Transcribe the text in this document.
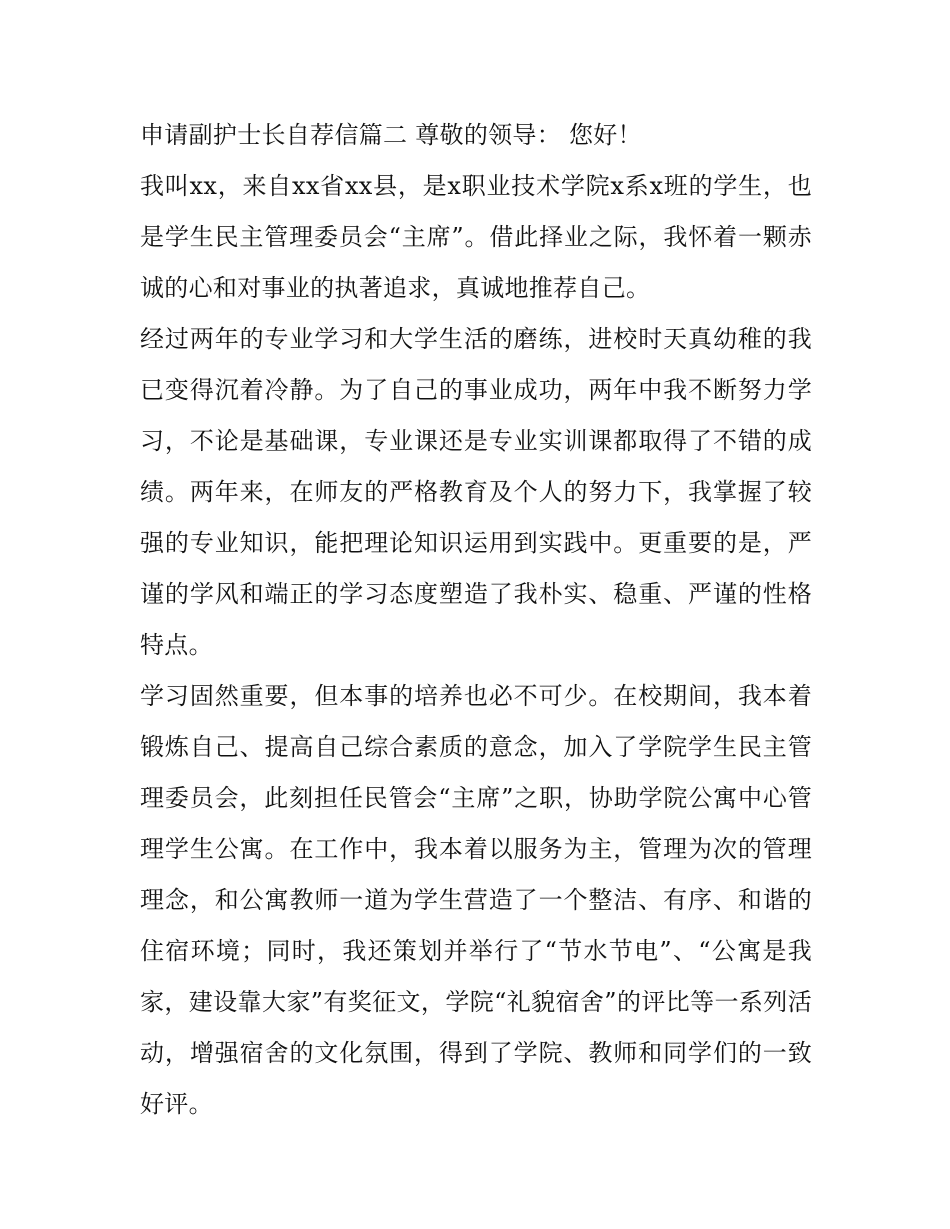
申请副护士长自荐信篇二 尊敬的领导： 您好！

我叫xx，来自xx省xx县，是x职业技术学院x系x班的学生，也是学生民主管理委员会“主席”。借此择业之际，我怀着一颗赤诚的心和对事业的执著追求，真诚地推荐自己。

经过两年的专业学习和大学生活的磨练，进校时天真幼稚的我已变得沉着冷静。为了自己的事业成功，两年中我不断努力学习，不论是基础课，专业课还是专业实训课都取得了不错的成绩。两年来，在师友的严格教育及个人的努力下，我掌握了较强的专业知识，能把理论知识运用到实践中。更重要的是，严谨的学风和端正的学习态度塑造了我朴实、稳重、严谨的性格特点。

学习固然重要，但本事的培养也必不可少。在校期间，我本着锻炼自己、提高自己综合素质的意念，加入了学院学生民主管理委员会，此刻担任民管会“主席”之职，协助学院公寓中心管理学生公寓。在工作中，我本着以服务为主，管理为次的管理理念，和公寓教师一道为学生营造了一个整洁、有序、和谐的住宿环境；同时，我还策划并举行了“节水节电”、“公寓是我家，建设靠大家”有奖征文，学院“礼貌宿舍”的评比等一系列活动，增强宿舍的文化氛围，得到了学院、教师和同学们的一致好评。
